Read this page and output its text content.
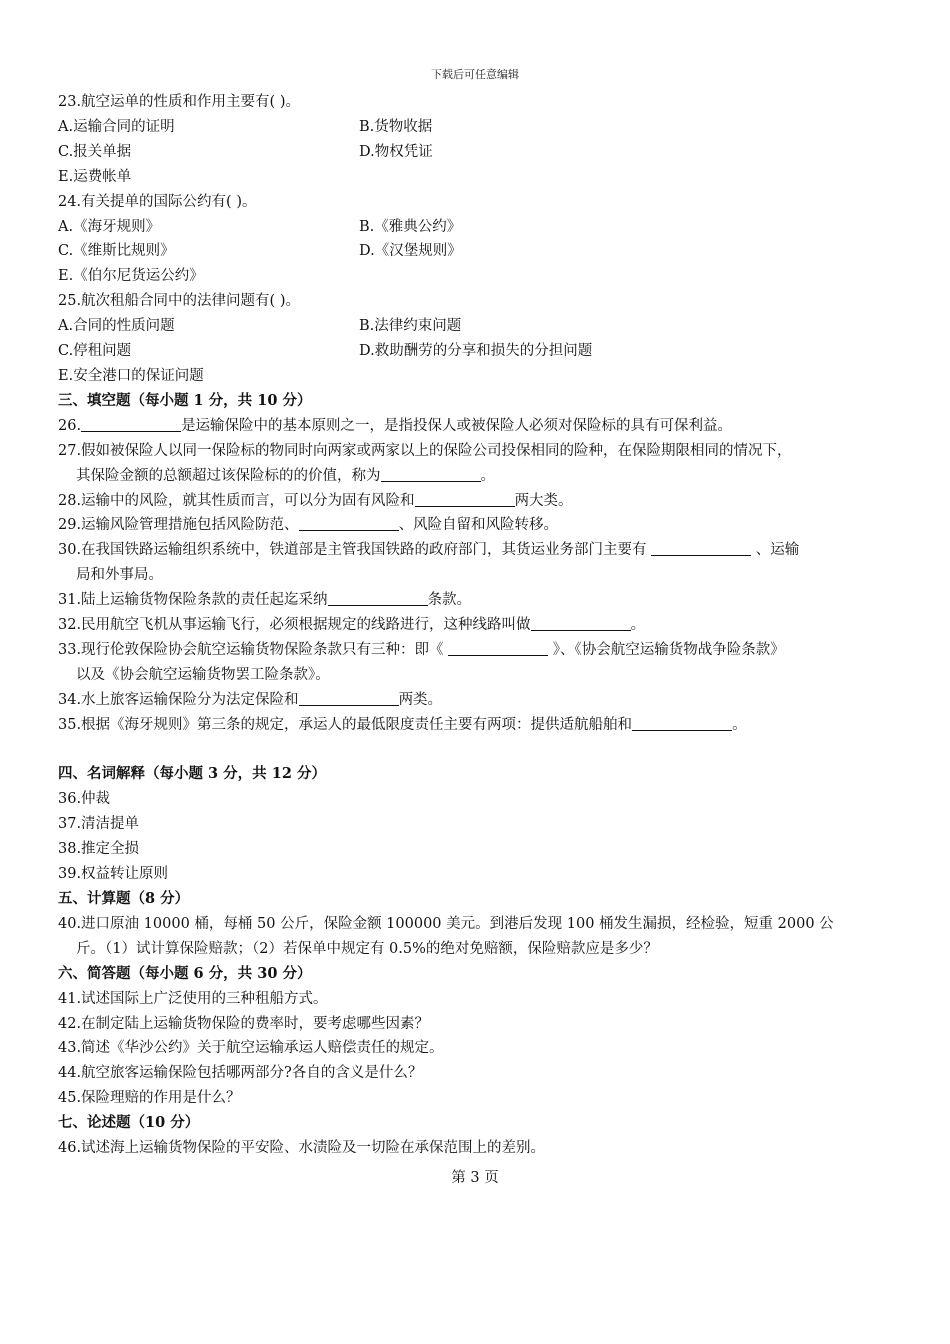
下载后可任意编辑
23.航空运单的性质和作用主要有( )。
A.运输合同的证明	B.货物收据
C.报关单据	D.物权凭证
E.运费帐单
24.有关提单的国际公约有( )。
A.《海牙规则》	B.《雅典公约》
C.《维斯比规则》	D.《汉堡规则》
E.《伯尔尼货运公约》
25.航次租船合同中的法律问题有( )。
A.合同的性质问题	B.法律约束问题
C.停租问题	D.救助酬劳的分享和损失的分担问题
E.安全港口的保证问题
三、填空题（每小题 1 分，共 10 分）
26.	是运输保险中的基本原则之一，是指投保人或被保险人必须对保险标的具有可保利益。
27.假如被保险人以同一保险标的物同时向两家或两家以上的保险公司投保相同的险种，在保险期限相同的情况下，
其保险金额的总额超过该保险标的的价值，称为	。
28.运输中的风险，就其性质而言，可以分为固有风险和	两大类。
29.运输风险管理措施包括风险防范、	、风险自留和风险转移。
30.在我国铁路运输组织系统中，铁道部是主管我国铁路的政府部门，其货运业务部门主要有	、运输
局和外事局。
31.陆上运输货物保险条款的责任起迄采纳	条款。
32.民用航空飞机从事运输飞行，必须根据规定的线路进行，这种线路叫做	。
33.现行伦敦保险协会航空运输货物保险条款只有三种：即《	》、《协会航空运输货物战争险条款》
以及《协会航空运输货物罢工险条款》。
34.水上旅客运输保险分为法定保险和	两类。
35.根据《海牙规则》第三条的规定，承运人的最低限度责任主要有两项：提供适航船舶和	。
四、名词解释（每小题 3 分，共 12 分）
36.仲裁
37.清洁提单
38.推定全损
39.权益转让原则
五、计算题（8 分）
40.进口原油 10000 桶，每桶 50 公斤，保险金额 100000 美元。到港后发现 100 桶发生漏损，经检验，短重 2000 公
斤。（1）试计算保险赔款；（2）若保单中规定有 0.5%的绝对免赔额，保险赔款应是多少？
六、简答题（每小题 6 分，共 30 分）
41.试述国际上广泛使用的三种租船方式。
42.在制定陆上运输货物保险的费率时，要考虑哪些因素？
43.简述《华沙公约》关于航空运输承运人赔偿责任的规定。
44.航空旅客运输保险包括哪两部分?各自的含义是什么？
45.保险理赔的作用是什么？
七、论述题（10 分）
46.试述海上运输货物保险的平安险、水渍险及一切险在承保范围上的差别。
第 3 页
